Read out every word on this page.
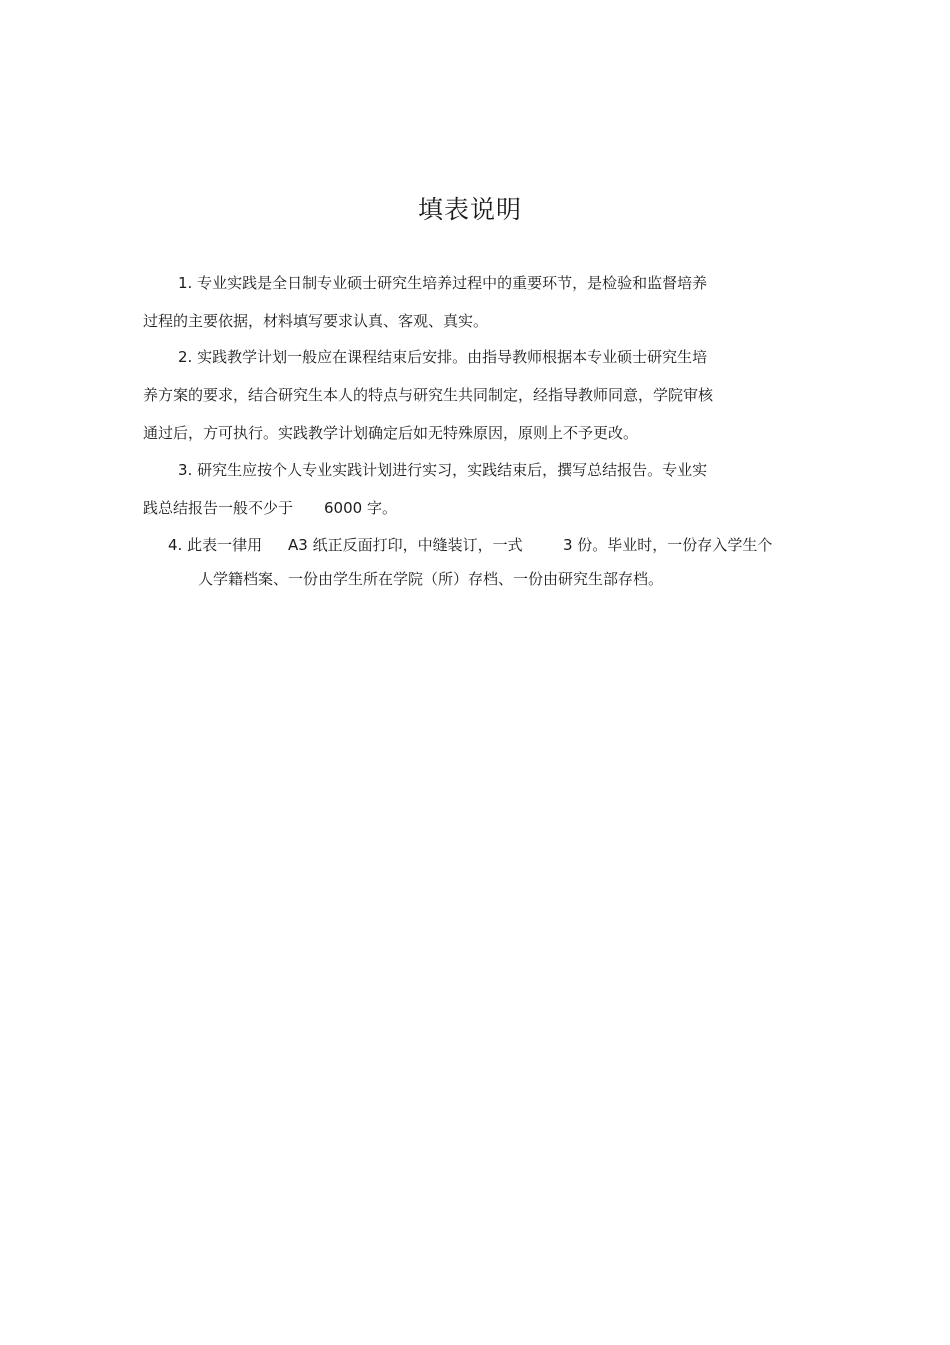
填表说明
1. 专业实践是全日制专业硕士研究生培养过程中的重要环节，是检验和监督培养
过程的主要依据，材料填写要求认真、客观、真实。
2. 实践教学计划一般应在课程结束后安排。由指导教师根据本专业硕士研究生培
养方案的要求，结合研究生本人的特点与研究生共同制定，经指导教师同意，学院审核
通过后，方可执行。实践教学计划确定后如无特殊原因，原则上不予更改。
3. 研究生应按个人专业实践计划进行实习，实践结束后，撰写总结报告。专业实
践总结报告一般不少于 6000 字。
4. 此表一律用 A3 纸正反面打印，中缝装订，一式	3 份。毕业时，一份存入学生个
人学籍档案、一份由学生所在学院（所）存档、一份由研究生部存档。
